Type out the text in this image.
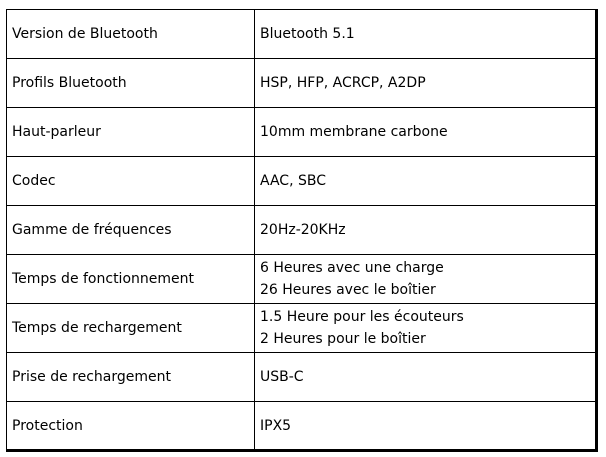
Version de Bluetooth	Bluetooth 5.1

Profils Bluetooth	HSP, HFP, ACRCP, A2DP

Haut-parleur	10mm membrane carbone

Codec	AAC, SBC

Gamme de fréquences	20Hz-20KHz

Temps de fonctionnement	6 Heures avec une charge
26 Heures avec le boîtier

Temps de rechargement	1.5 Heure pour les écouteurs
2 Heures pour le boîtier

Prise de rechargement	USB-C

Protection	IPX5
